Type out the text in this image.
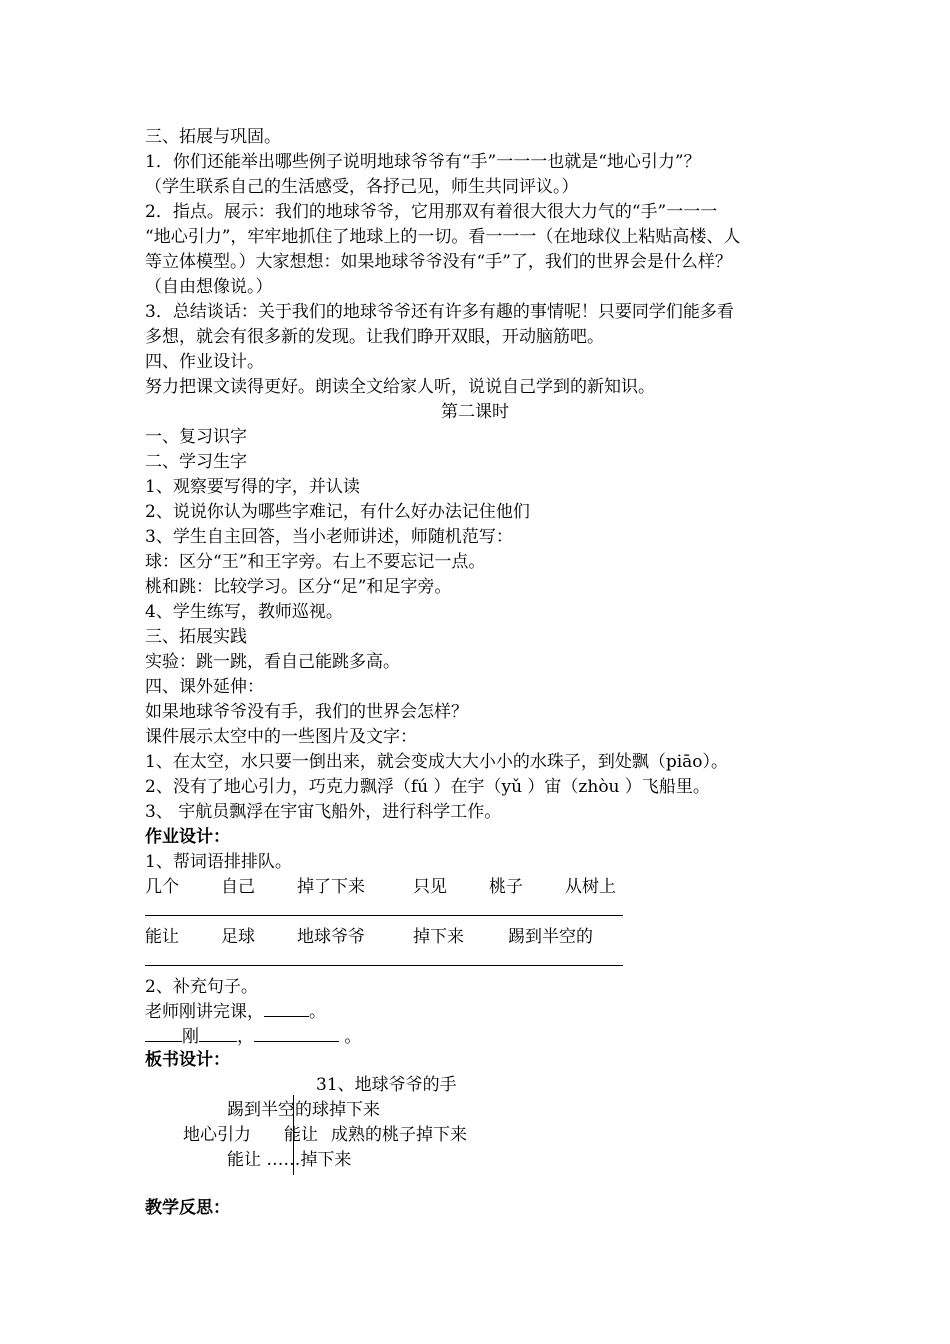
三、拓展与巩固。
1．你们还能举出哪些例子说明地球爷爷有“手”一一一也就是“地心引力”？
（学生联系自己的生活感受，各抒己见，师生共同评议。）
2．指点。展示：我们的地球爷爷，它用那双有着很大很大力气的“手”一一一
“地心引力”，牢牢地抓住了地球上的一切。看一一一（在地球仪上粘贴高楼、人
等立体模型。）大家想想：如果地球爷爷没有“手”了，我们的世界会是什么样？
（自由想像说。）
3．总结谈话：关于我们的地球爷爷还有许多有趣的事情呢！只要同学们能多看
多想，就会有很多新的发现。让我们睁开双眼，开动脑筋吧。
四、作业设计。
努力把课文读得更好。朗读全文给家人听，说说自己学到的新知识。
第二课时
一、复习识字
二、学习生字
1、观察要写得的字，并认读
2、说说你认为哪些字难记，有什么好办法记住他们
3、学生自主回答，当小老师讲述，师随机范写：
球：区分“王”和王字旁。右上不要忘记一点。
桃和跳：比较学习。区分“足”和足字旁。
4、学生练写，教师巡视。
三、拓展实践
实验：跳一跳，看自己能跳多高。
四、课外延伸：
如果地球爷爷没有手，我们的世界会怎样？
课件展示太空中的一些图片及文字：
1、在太空，水只要一倒出来，就会变成大大小小的水珠子，到处飘（piāo）。
2、没有了地心引力，巧克力飘浮（fú ）在宇（yǔ ）宙（zhòu ）飞船里。
3、 宇航员飘浮在宇宙飞船外，进行科学工作。
作业设计：
1、帮词语排排队。
几个 自己 掉了下来	只见 桃子 从树上
能让 足球 地球爷爷	掉下来	踢到半空的
2、补充句子。
老师刚讲完课，	。
刚 ，	。
板书设计：
31、地球爷爷的手
踢到半空的球掉下来
地心引力 能让 成熟的桃子掉下来
能让 ……掉下来
教学反思：
